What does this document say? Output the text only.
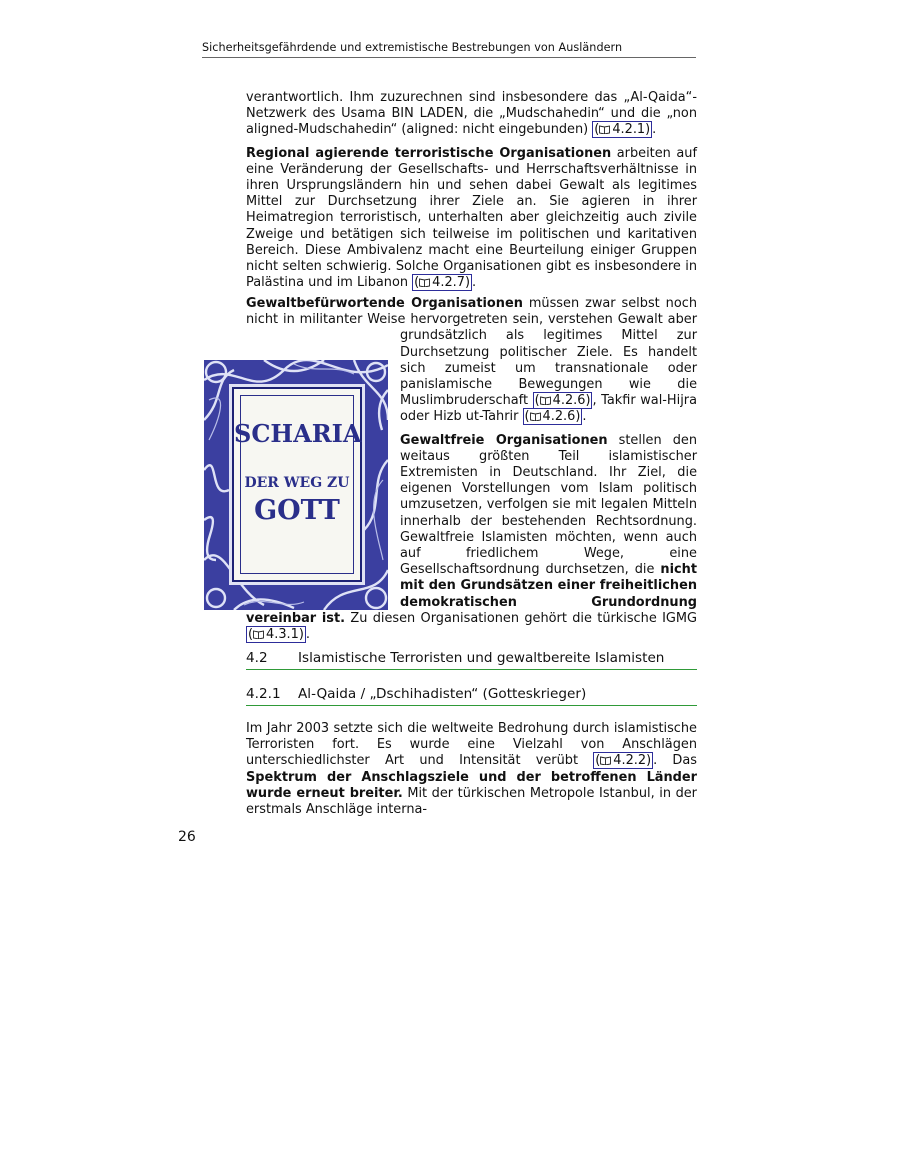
Sicherheitsgefährdende und extremistische Bestrebungen von Ausländern

verantwortlich. Ihm zuzurechnen sind insbesondere das „Al-Qaida“-Netzwerk des Usama BIN LADEN, die „Mudschahedin“ und die „non aligned-Mudschahedin“ (aligned: nicht eingebunden) ( 4.2.1) .

Regional agierende terroristische Organisationen arbeiten auf eine Veränderung der Gesellschafts- und Herrschaftsverhältnisse in ihren Ursprungsländern hin und sehen dabei Gewalt als legitimes Mittel zur Durchsetzung ihrer Ziele an. Sie agieren in ihrer Heimatregion terroristisch, unterhalten aber gleichzeitig auch zivile Zweige und betätigen sich teilweise im politischen und karitativen Bereich. Diese Ambivalenz macht eine Beurteilung einiger Gruppen nicht selten schwierig. Solche Organisationen gibt es insbesondere in Palästina und im Libanon ( 4.2.7) .

Gewaltbefürwortende Organisationen müssen zwar selbst noch nicht in militanter Weise hervorgetreten sein, verstehen Gewalt aber grundsätzlich als legitimes Mittel zur Durchsetzung politischer Ziele. Es handelt sich zumeist um transnationale oder panislamische Bewegungen wie die Muslimbruderschaft ( 4.2.6) , Takfir wal-Hijra oder Hizb ut-Tahrir ( 4.2.6) .

Gewaltfreie Organisationen stellen den weitaus größten Teil islamistischer Extremisten in Deutschland. Ihr Ziel, die eigenen Vorstellungen vom Islam politisch umzusetzen, verfolgen sie mit legalen Mitteln innerhalb der bestehenden Rechtsordnung. Gewaltfreie Islamisten möchten, wenn auch auf friedlichem Wege, eine Gesellschaftsordnung durchsetzen, die nicht mit den Grundsätzen einer freiheitlichen demokratischen Grundordnung vereinbar ist. Zu diesen Organisationen gehört die türkische IGMG ( 4.3.1) .

SCHARIA
DER WEG ZU
GOTT
4.2 Islamistische Terroristen und gewaltbereite Islamisten
4.2.1 Al-Qaida / „Dschihadisten“ (Gotteskrieger)

Im Jahr 2003 setzte sich die weltweite Bedrohung durch islamistische Terroristen fort. Es wurde eine Vielzahl von Anschlägen unterschiedlichster Art und Intensität verübt ( 4.2.2) . Das Spektrum der Anschlagsziele und der betroffenen Länder wurde erneut breiter. Mit der türkischen Metropole Istanbul, in der erstmals Anschläge interna-

26
